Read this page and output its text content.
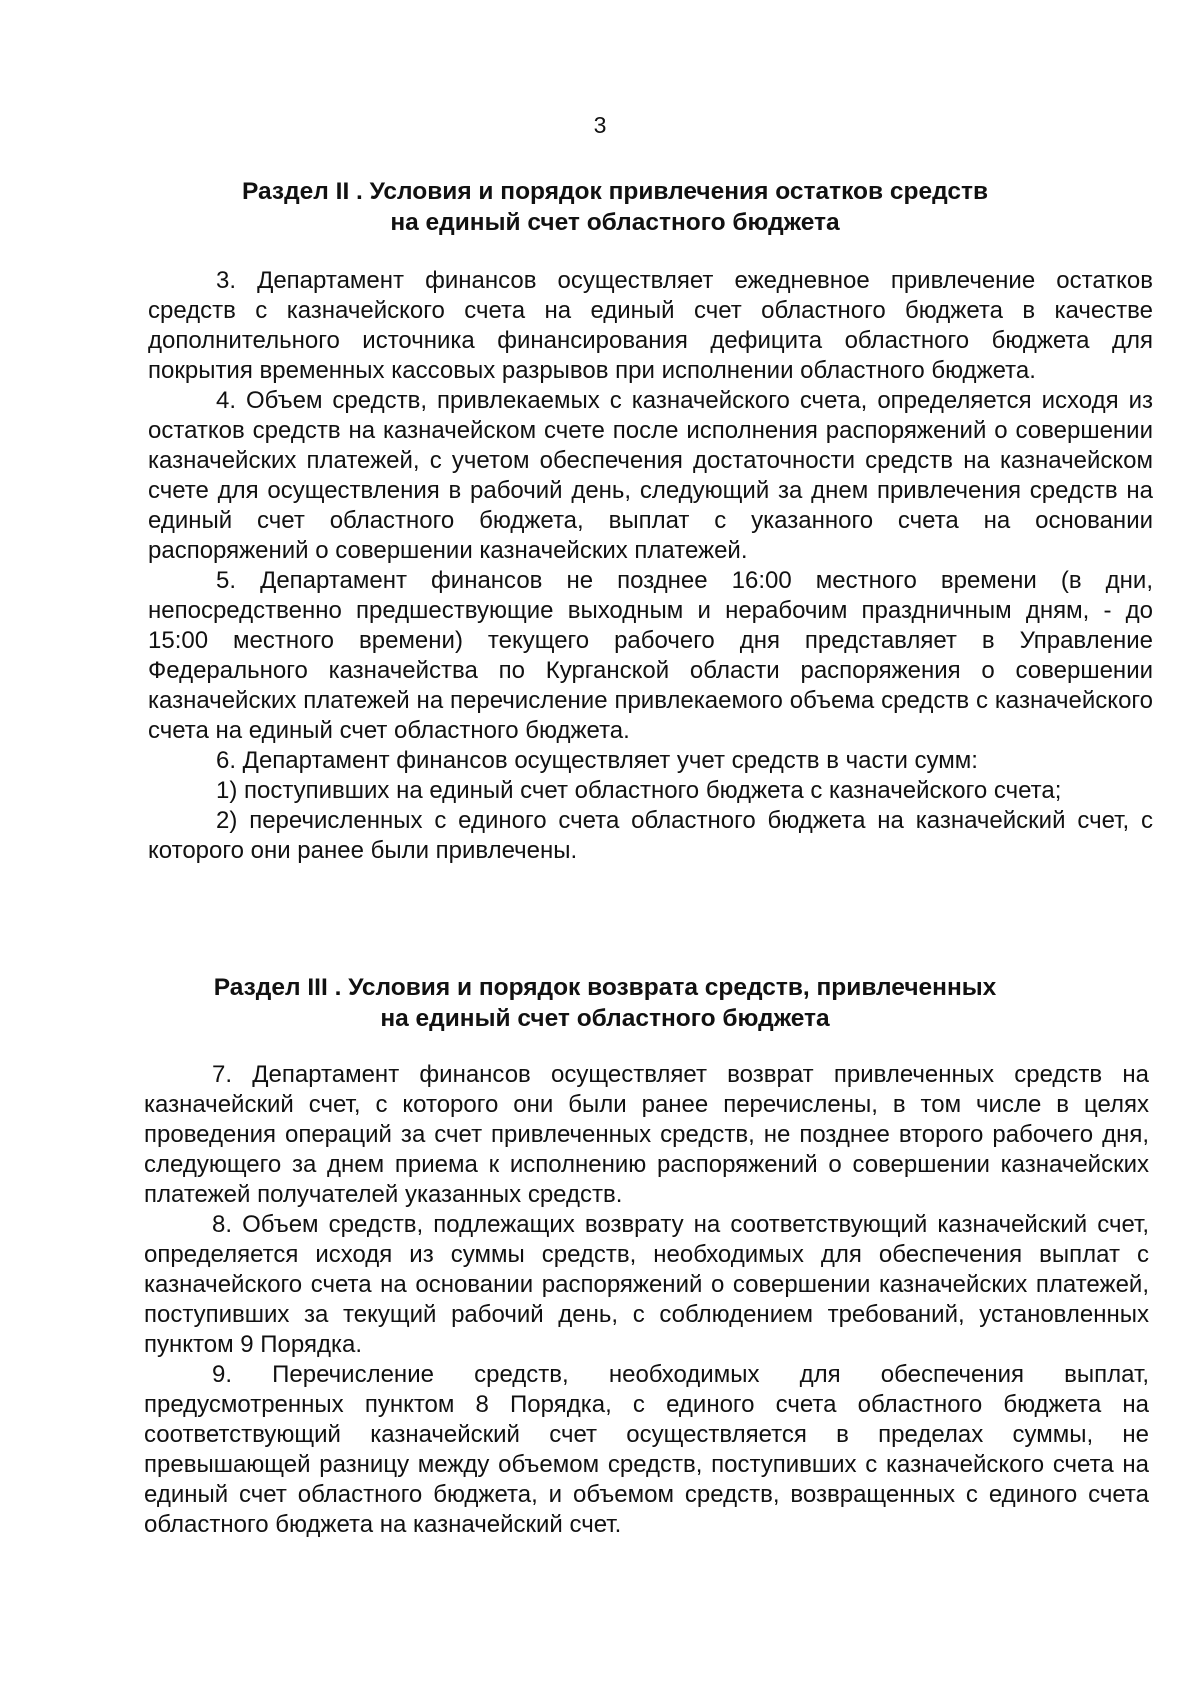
3
Раздел II . Условия и порядок привлечения остатков средств
на единый счет областного бюджета

3. Департамент финансов осуществляет ежедневное привлечение остатков средств с казначейского счета на единый счет областного бюджета в качестве дополнительного источника финансирования дефицита областного бюджета для покрытия временных кассовых разрывов при исполнении областного бюджета.

4. Объем средств, привлекаемых с казначейского счета, определяется исходя из остатков средств на казначейском счете после исполнения распоряжений о совершении казначейских платежей, с учетом обеспечения достаточности средств на казначейском счете для осуществления в рабочий день, следующий за днем привлечения средств на единый счет областного бюджета, выплат с указанного счета на основании распоряжений о совершении казначейских платежей.

5. Департамент финансов не позднее 16:00 местного времени (в дни, непосредственно предшествующие выходным и нерабочим праздничным дням, - до 15:00 местного времени) текущего рабочего дня представляет в Управление Федерального казначейства по Курганской области распоряжения о совершении казначейских платежей на перечисление привлекаемого объема средств с казначейского счета на единый счет областного бюджета.

6. Департамент финансов осуществляет учет средств в части сумм:

1) поступивших на единый счет областного бюджета с казначейского счета;

2) перечисленных с единого счета областного бюджета на казначейский счет, с которого они ранее были привлечены.

Раздел III . Условия и порядок возврата средств, привлеченных
на единый счет областного бюджета

7. Департамент финансов осуществляет возврат привлеченных средств на казначейский счет, с которого они были ранее перечислены, в том числе в целях проведения операций за счет привлеченных средств, не позднее второго рабочего дня, следующего за днем приема к исполнению распоряжений о совершении казначейских платежей получателей указанных средств.

8. Объем средств, подлежащих возврату на соответствующий казначейский счет, определяется исходя из суммы средств, необходимых для обеспечения выплат с казначейского счета на основании распоряжений о совершении казначейских платежей, поступивших за текущий рабочий день, с соблюдением требований, установленных пунктом 9 Порядка.

9. Перечисление средств, необходимых для обеспечения выплат, предусмотренных пунктом 8 Порядка, с единого счета областного бюджета на соответствующий казначейский счет осуществляется в пределах суммы, не превышающей разницу между объемом средств, поступивших с казначейского счета на единый счет областного бюджета, и объемом средств, возвращенных с единого счета областного бюджета на казначейский счет.
